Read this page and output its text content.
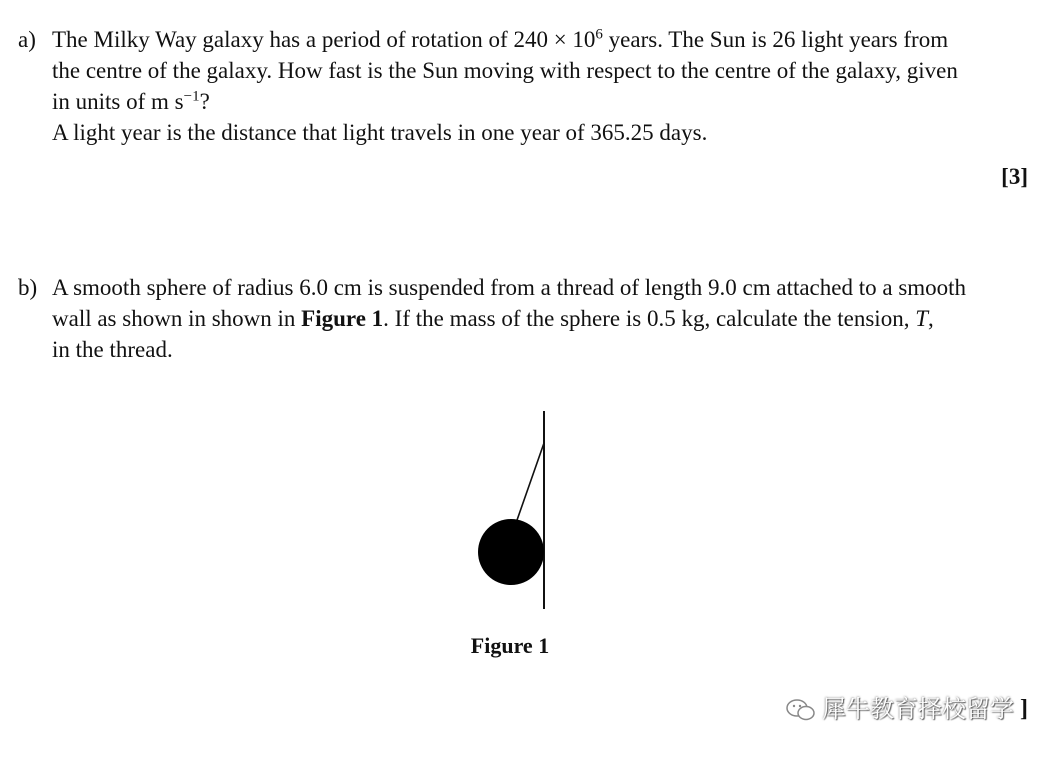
a) The Milky Way galaxy has a period of rotation of $240 \times 10^6$ years. The Sun is 26 light years from

the centre of the galaxy. How fast is the Sun moving with respect to the centre of the galaxy, given

in units of m $s^{-1}$?

A light year is the distance that light travels in one year of 365.25 days.

[3]
b) A smooth sphere of radius 6.0 cm is suspended from a thread of length 9.0 cm attached to a smooth

wall as shown in shown in Figure 1. If the mass of the sphere is 0.5 kg, calculate the tension, T,

in the thread.

Figure 1
犀牛教育择校留学 ]
